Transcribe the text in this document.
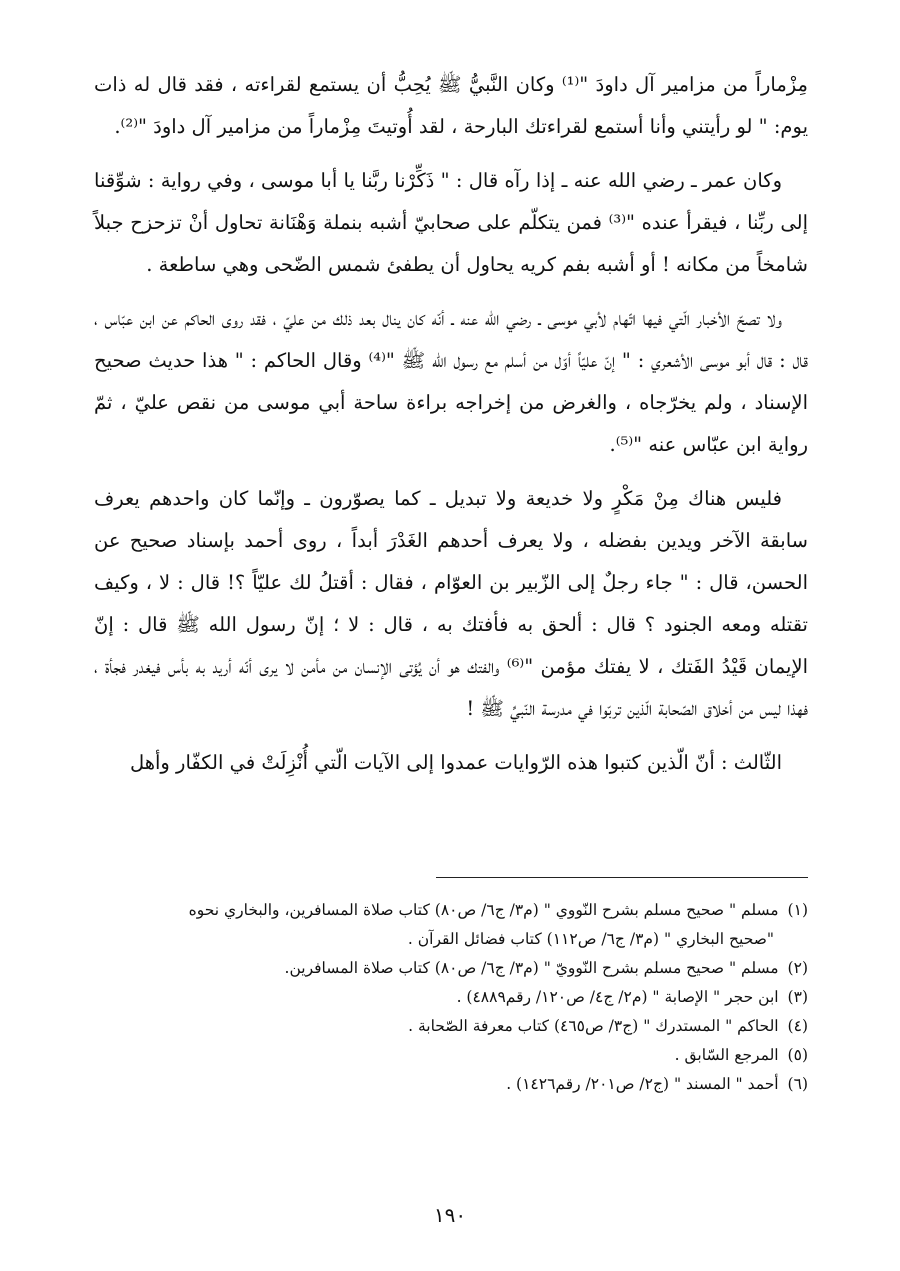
مِزْماراً من مزامير آل داودَ "⁽¹⁾ وكان النَّبيُّ ﷺ يُحِبُّ أن يستمع لقراءته ، فقد قال له ذات يوم: " لو رأيتني وأنا أستمع لقراءتك البارحة ، لقد أُوتيتَ مِزْماراً من مزامير آل داودَ "⁽²⁾.

وكان عمر ـ رضي الله عنه ـ إذا رآه قال : " ذَكِّرْنا ربَّنا يا أبا موسى ، وفي رواية : شوِّقنا إلى ربِّنا ، فيقرأ عنده "⁽³⁾ فمن يتكلّم على صحابيّ أشبه بنملة وَهْنَانة تحاول أنْ تزحزح جبلاً شامخاً من مكانه ! أو أشبه بفم كريه يحاول أن يطفئ شمس الضّحى وهي ساطعة .

ولا تصحّ الأخبار الّتي فيها اتّهام لأبي موسى ـ رضي الله عنه ـ أنّه كان ينال بعد ذلك من عليّ ، فقد روى الحاكم عن ابن عبّاس ، قال : قال أبو موسى الأشعري : " إنّ عليّاً أوّل من أسلم مع رسول الله ﷺ "⁽⁴⁾ وقال الحاكم : " هذا حديث صحيح الإسناد ، ولم يخرّجاه ، والغرض من إخراجه براءة ساحة أبي موسى من نقص عليّ ، ثمّ رواية ابن عبّاس عنه "⁽⁵⁾.

فليس هناك مِنْ مَكْرٍ ولا خديعة ولا تبديل ـ كما يصوّرون ـ وإنّما كان واحدهم يعرف سابقة الآخر ويدين بفضله ، ولا يعرف أحدهم الغَدْرَ أبداً ، روى أحمد بإسناد صحيح عن الحسن، قال : " جاء رجلٌ إلى الزّبير بن العوّام ، فقال : أقتلُ لك عليّاً ؟! قال : لا ، وكيف تقتله ومعه الجنود ؟ قال : ألحق به فأفتك به ، قال : لا ؛ إنّ رسول الله ﷺ قال : إنّ الإيمان قَيْدُ الفَتك ، لا يفتك مؤمن "⁽⁶⁾ والفتك هو أن يُؤتى الإنسان من مأمن لا يرى أنّه أريد به بأس فيغدر فجأة ، فهذا ليس من أخلاق الصّحابة الّذين تربّوا في مدرسة النّبيِّ ﷺ !

الثّالث : أنّ الّذين كتبوا هذه الرّوايات عمدوا إلى الآيات الّتي أُنْزِلَتْ في الكفّار وأهل

(١) مسلم " صحيح مسلم بشرح النّووي " (م٣/ ج٦/ ص٨٠) كتاب صلاة المسافرين، والبخاري نحوه
"صحيح البخاري " (م٣/ ج٦/ ص١١٢) كتاب فضائل القرآن .
(٢) مسلم " صحيح مسلم بشرح النّوويّ " (م٣/ ج٦/ ص٨٠) كتاب صلاة المسافرين.
(٣) ابن حجر " الإصابة " (م٢/ ج٤/ ص١٢٠/ رقم٤٨٨٩) .
(٤) الحاكم " المستدرك " (ج٣/ ص٤٦٥) كتاب معرفة الصّحابة .
(٥) المرجع السّابق .
(٦) أحمد " المسند " (ج٢/ ص٢٠١/ رقم١٤٢٦) .
١٩٠
